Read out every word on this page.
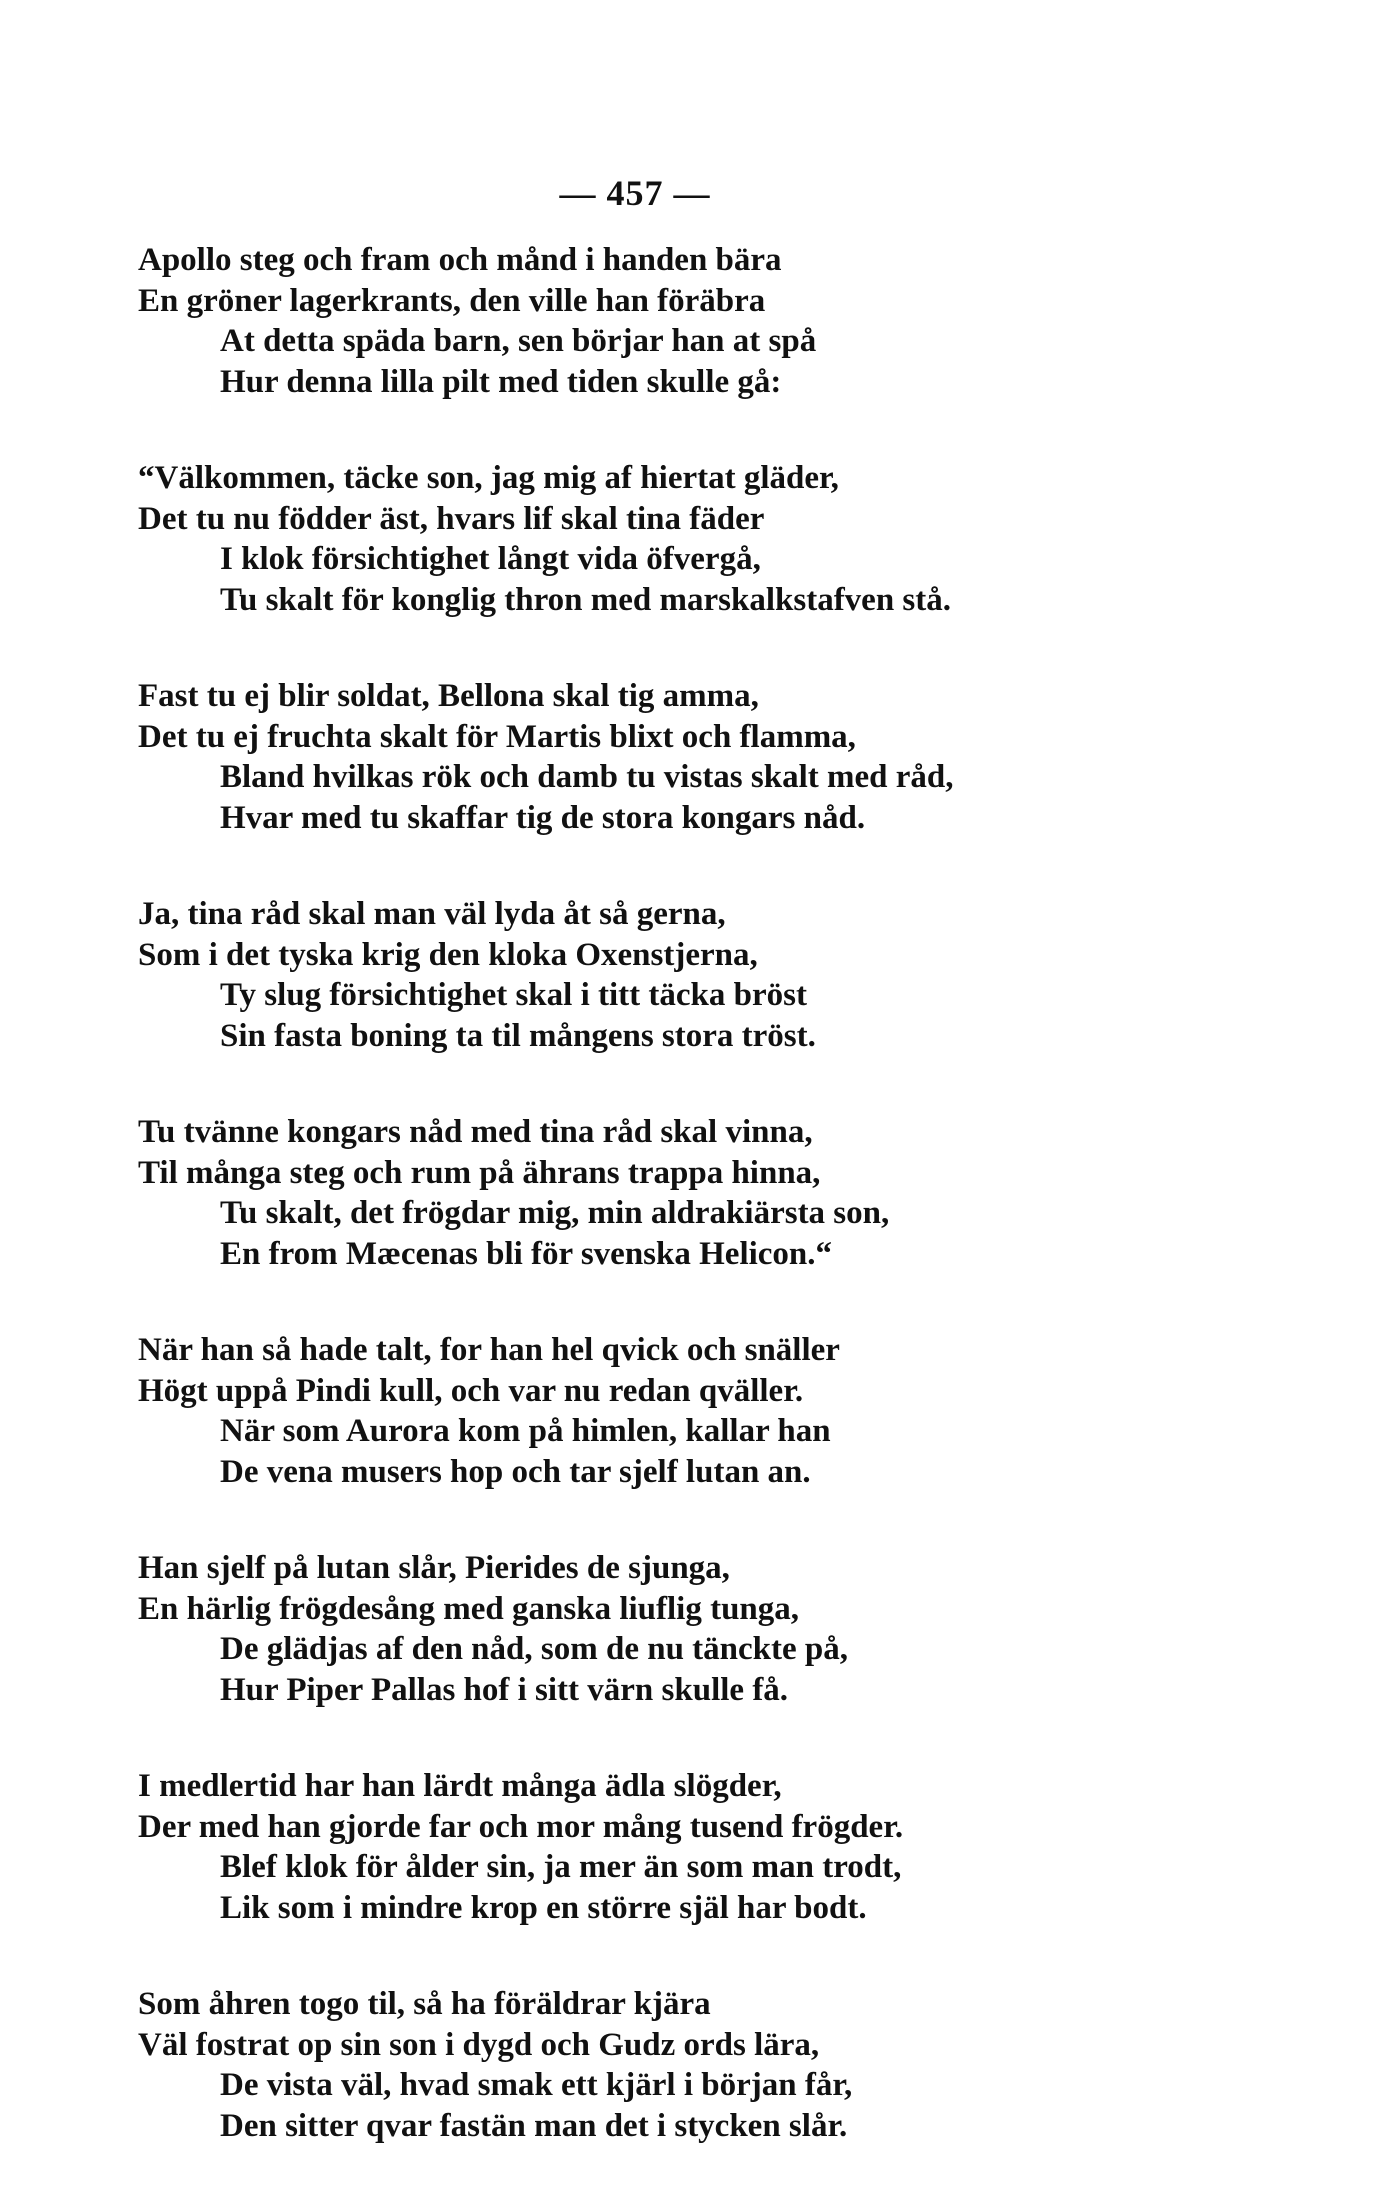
— 457 —
Apollo steg och fram och månd i handen bära
En gröner lagerkrants, den ville han föräbra
At detta späda barn, sen börjar han at spå
Hur denna lilla pilt med tiden skulle gå:
“Välkommen, täcke son, jag mig af hiertat gläder,
Det tu nu födder äst, hvars lif skal tina fäder
I klok försichtighet långt vida öfvergå,
Tu skalt för konglig thron med marskalkstafven stå.
Fast tu ej blir soldat, Bellona skal tig amma,
Det tu ej fruchta skalt för Martis blixt och flamma,
Bland hvilkas rök och damb tu vistas skalt med råd,
Hvar med tu skaffar tig de stora kongars nåd.
Ja, tina råd skal man väl lyda åt så gerna,
Som i det tyska krig den kloka Oxenstjerna,
Ty slug försichtighet skal i titt täcka bröst
Sin fasta boning ta til mångens stora tröst.
Tu tvänne kongars nåd med tina råd skal vinna,
Til många steg och rum på ährans trappa hinna,
Tu skalt, det frögdar mig, min aldrakiärsta son,
En from Mæcenas bli för svenska Helicon.“
När han så hade talt, for han hel qvick och snäller
Högt uppå Pindi kull, och var nu redan qväller.
När som Aurora kom på himlen, kallar han
De vena musers hop och tar sjelf lutan an.
Han sjelf på lutan slår, Pierides de sjunga,
En härlig frögdesång med ganska liuflig tunga,
De glädjas af den nåd, som de nu tänckte på,
Hur Piper Pallas hof i sitt värn skulle få.
I medlertid har han lärdt många ädla slögder,
Der med han gjorde far och mor mång tusend frögder.
Blef klok för ålder sin, ja mer än som man trodt,
Lik som i mindre krop en större själ har bodt.
Som åhren togo til, så ha föräldrar kjära
Väl fostrat op sin son i dygd och Gudz ords lära,
De vista väl, hvad smak ett kjärl i början får,
Den sitter qvar fastän man det i stycken slår.
